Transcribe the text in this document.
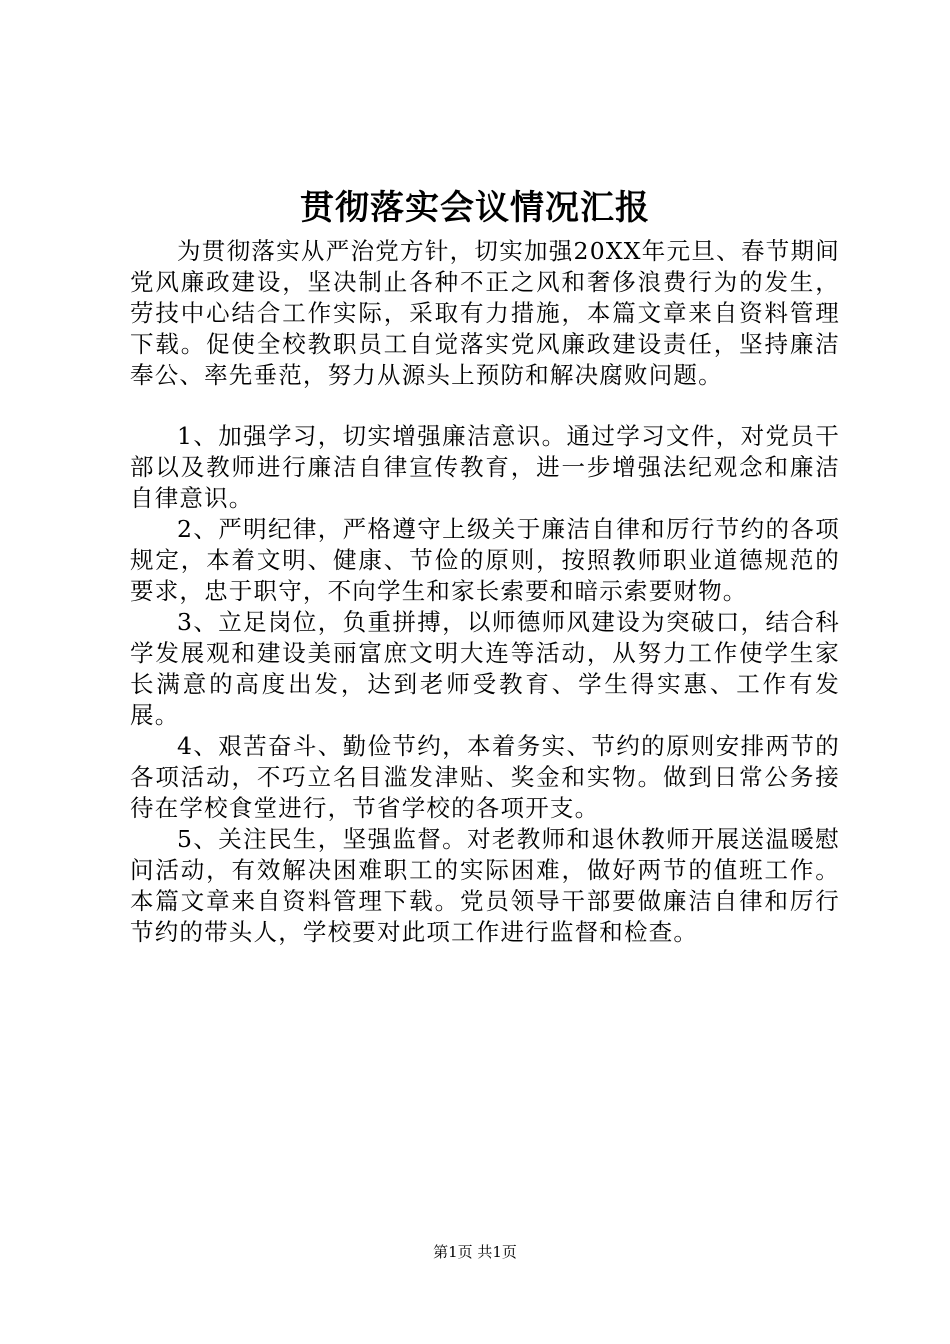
贯彻落实会议情况汇报

为贯彻落实从严治党方针，切实加强20XX年元旦、春节期间党风廉政建设，坚决制止各种不正之风和奢侈浪费行为的发生，劳技中心结合工作实际，采取有力措施，本篇文章来自资料管理下载。促使全校教职员工自觉落实党风廉政建设责任，坚持廉洁奉公、率先垂范，努力从源头上预防和解决腐败问题。

1、加强学习，切实增强廉洁意识。通过学习文件，对党员干部以及教师进行廉洁自律宣传教育，进一步增强法纪观念和廉洁自律意识。

2、严明纪律，严格遵守上级关于廉洁自律和厉行节约的各项规定，本着文明、健康、节俭的原则，按照教师职业道德规范的要求，忠于职守，不向学生和家长索要和暗示索要财物。

3、立足岗位，负重拼搏，以师德师风建设为突破口，结合科学发展观和建设美丽富庶文明大连等活动，从努力工作使学生家长满意的高度出发，达到老师受教育、学生得实惠、工作有发展。

4、艰苦奋斗、勤俭节约，本着务实、节约的原则安排两节的各项活动，不巧立名目滥发津贴、奖金和实物。做到日常公务接待在学校食堂进行，节省学校的各项开支。

5、关注民生，坚强监督。对老教师和退休教师开展送温暖慰问活动，有效解决困难职工的实际困难，做好两节的值班工作。本篇文章来自资料管理下载。党员领导干部要做廉洁自律和厉行节约的带头人，学校要对此项工作进行监督和检查。

第1页 共1页
